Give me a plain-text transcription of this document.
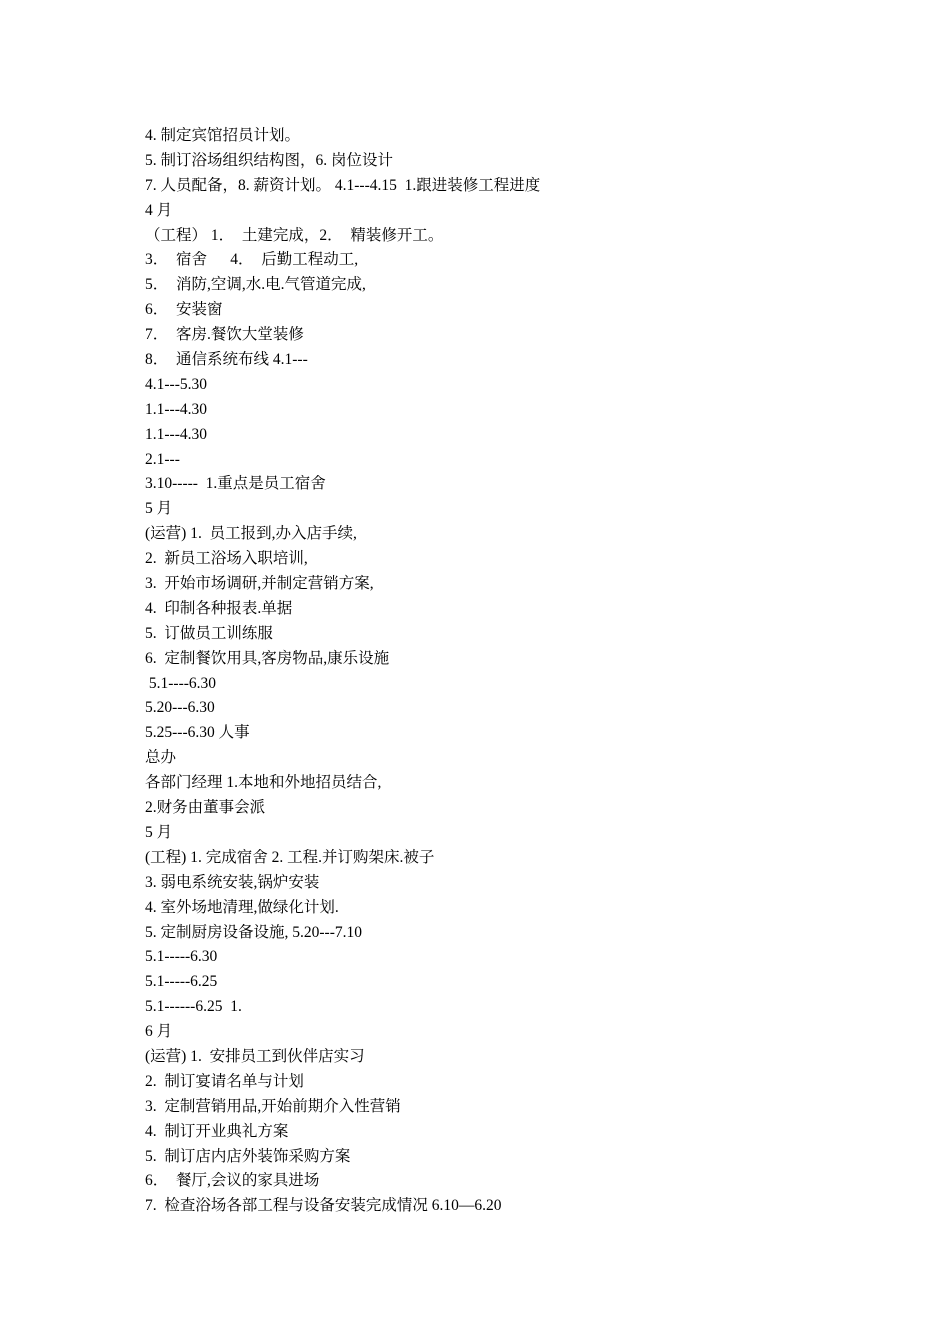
4. 制定宾馆招员计划。
5. 制订浴场组织结构图，6. 岗位设计
7. 人员配备，8. 薪资计划。 4.1---4.15  1.跟进装修工程进度
4 月
（工程） 1．  土建完成，2．  精装修开工。
3．  宿舍      4．  后勤工程动工,
5．  消防,空调,水.电.气管道完成,
6．  安装窗
7．  客房.餐饮大堂装修
8．  通信系统布线 4.1---
4.1---5.30
1.1---4.30
1.1---4.30
2.1---
3.10-----  1.重点是员工宿舍
5 月
(运营) 1.  员工报到,办入店手续,
2.  新员工浴场入职培训,
3.  开始市场调研,并制定营销方案,
4.  印制各种报表.单据
5.  订做员工训练服
6.  定制餐饮用具,客房物品,康乐设施
5.1----6.30
5.20---6.30
5.25---6.30 人事
总办
各部门经理 1.本地和外地招员结合,
2.财务由董事会派
5 月
(工程) 1. 完成宿舍 2. 工程.并订购架床.被子
3. 弱电系统安装,锅炉安装
4. 室外场地清理,做绿化计划.
5. 定制厨房设备设施, 5.20---7.10
5.1-----6.30
5.1-----6.25
5.1------6.25  1.
6 月
(运营) 1.  安排员工到伙伴店实习
2.  制订宴请名单与计划
3.  定制营销用品,开始前期介入性营销
4.  制订开业典礼方案
5.  制订店内店外装饰采购方案
6．  餐厅,会议的家具进场
7.  检查浴场各部工程与设备安装完成情况 6.10—6.20
